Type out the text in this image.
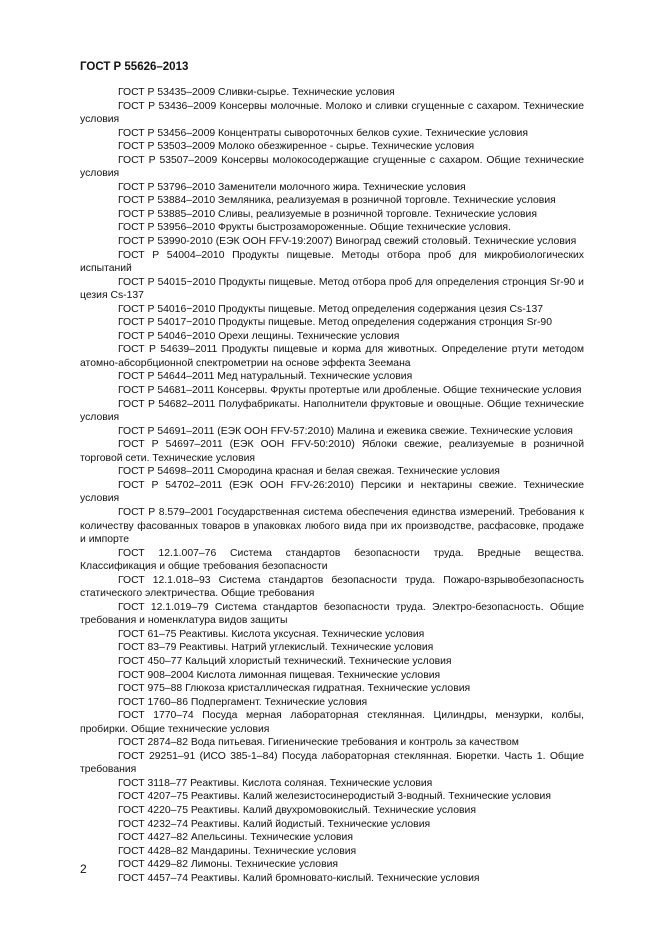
ГОСТ Р 55626–2013

ГОСТ Р 53435–2009 Сливки-сырье. Технические условия

ГОСТ Р 53436–2009 Консервы молочные. Молоко и сливки сгущенные с сахаром. Технические условия

ГОСТ Р 53456–2009 Концентраты сывороточных белков сухие. Технические условия

ГОСТ Р 53503–2009 Молоко обезжиренное - сырье. Технические условия

ГОСТ Р 53507–2009 Консервы молокосодержащие сгущенные с сахаром. Общие технические условия

ГОСТ Р 53796–2010 Заменители молочного жира. Технические условия

ГОСТ Р 53884–2010 Земляника, реализуемая в розничной торговле. Технические условия

ГОСТ Р 53885–2010 Сливы, реализуемые в розничной торговле. Технические условия

ГОСТ Р 53956–2010 Фрукты быстрозамороженные. Общие технические условия.

ГОСТ Р 53990-2010 (ЕЭК ООН FFV-19:2007) Виноград свежий столовый. Технические условия

ГОСТ Р 54004–2010 Продукты пищевые. Методы отбора проб для микробиологических испытаний

ГОСТ Р 54015−2010 Продукты пищевые. Метод отбора проб для определения стронция Sr-90 и цезия Cs-137

ГОСТ Р 54016−2010 Продукты пищевые. Метод определения содержания цезия Cs-137

ГОСТ Р 54017−2010 Продукты пищевые. Метод определения содержания стронция Sr-90

ГОСТ Р 54046−2010 Орехи лещины. Технические условия

ГОСТ Р 54639–2011 Продукты пищевые и корма для животных. Определение ртути методом атомно-абсорбционной спектрометрии на основе эффекта Зеемана

ГОСТ Р 54644–2011 Мед натуральный. Технические условия

ГОСТ Р 54681–2011 Консервы. Фрукты протертые или дробленые. Общие технические условия

ГОСТ Р 54682–2011 Полуфабрикаты. Наполнители фруктовые и овощные. Общие технические условия

ГОСТ Р 54691–2011 (ЕЭК ООН FFV-57:2010) Малина и ежевика свежие. Технические условия

ГОСТ Р 54697–2011 (ЕЭК ООН FFV-50:2010) Яблоки свежие, реализуемые в розничной торговой сети. Технические условия

ГОСТ Р 54698–2011 Смородина красная и белая свежая. Технические условия

ГОСТ Р 54702–2011 (ЕЭК ООН FFV-26:2010) Персики и нектарины свежие. Технические условия

ГОСТ Р 8.579–2001 Государственная система обеспечения единства измерений. Требования к количеству фасованных товаров в упаковках любого вида при их производстве, расфасовке, продаже и импорте

ГОСТ 12.1.007–76 Система стандартов безопасности труда. Вредные вещества. Классификация и общие требования безопасности

ГОСТ 12.1.018–93 Система стандартов безопасности труда. Пожаро-взрывобезопасность статического электричества. Общие требования

ГОСТ 12.1.019–79 Система стандартов безопасности труда. Электро-безопасность. Общие требования и номенклатура видов защиты

ГОСТ 61–75 Реактивы. Кислота уксусная. Технические условия

ГОСТ 83–79 Реактивы. Натрий углекислый. Технические условия

ГОСТ 450–77 Кальций хлористый технический. Технические условия

ГОСТ 908–2004 Кислота лимонная пищевая. Технические условия

ГОСТ 975–88 Глюкоза кристаллическая гидратная. Технические условия

ГОСТ 1760–86 Подпергамент. Технические условия

ГОСТ 1770–74 Посуда мерная лабораторная стеклянная. Цилиндры, мензурки, колбы, пробирки. Общие технические условия

ГОСТ 2874–82 Вода питьевая. Гигиенические требования и контроль за качеством

ГОСТ 29251–91 (ИСО 385-1–84) Посуда лабораторная стеклянная. Бюретки. Часть 1. Общие требования

ГОСТ 3118–77 Реактивы. Кислота соляная. Технические условия

ГОСТ 4207–75 Реактивы. Калий железистосинеродистый 3-водный. Технические условия

ГОСТ 4220–75 Реактивы. Калий двухромовокислый. Технические условия

ГОСТ 4232–74 Реактивы. Калий йодистый. Технические условия

ГОСТ 4427–82 Апельсины. Технические условия

ГОСТ 4428–82 Мандарины. Технические условия

ГОСТ 4429–82 Лимоны. Технические условия

ГОСТ 4457–74 Реактивы. Калий бромновато-кислый. Технические условия

2
